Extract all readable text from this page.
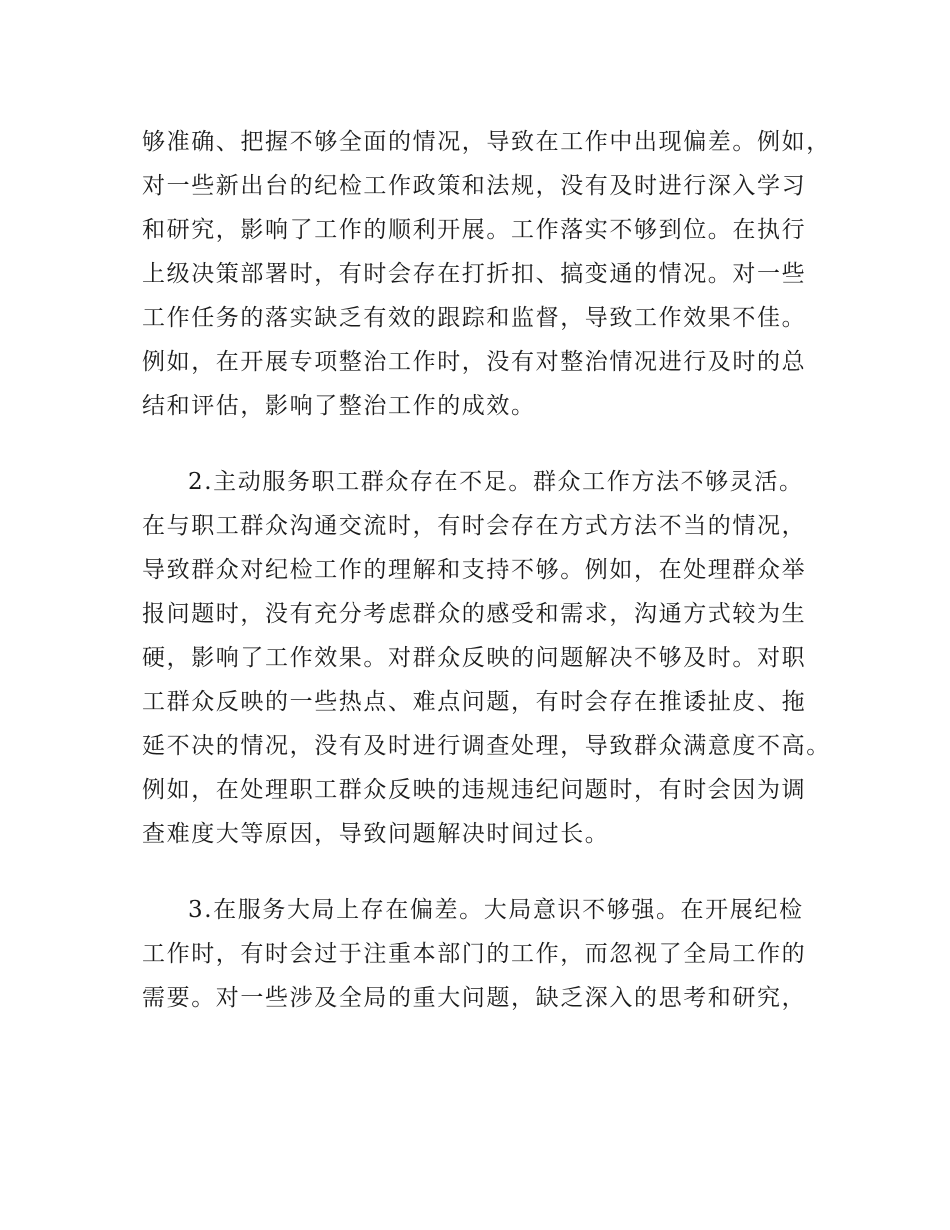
够准确、把握不够全面的情况，导致在工作中出现偏差。例如，
对一些新出台的纪检工作政策和法规，没有及时进行深入学习
和研究，影响了工作的顺利开展。工作落实不够到位。在执行
上级决策部署时，有时会存在打折扣、搞变通的情况。对一些
工作任务的落实缺乏有效的跟踪和监督，导致工作效果不佳。
例如，在开展专项整治工作时，没有对整治情况进行及时的总
结和评估，影响了整治工作的成效。
2.主动服务职工群众存在不足。群众工作方法不够灵活。
在与职工群众沟通交流时，有时会存在方式方法不当的情况，
导致群众对纪检工作的理解和支持不够。例如，在处理群众举
报问题时，没有充分考虑群众的感受和需求，沟通方式较为生
硬，影响了工作效果。对群众反映的问题解决不够及时。对职
工群众反映的一些热点、难点问题，有时会存在推诿扯皮、拖
延不决的情况，没有及时进行调查处理，导致群众满意度不高。
例如，在处理职工群众反映的违规违纪问题时，有时会因为调
查难度大等原因，导致问题解决时间过长。
3.在服务大局上存在偏差。大局意识不够强。在开展纪检
工作时，有时会过于注重本部门的工作，而忽视了全局工作的
需要。对一些涉及全局的重大问题，缺乏深入的思考和研究，
